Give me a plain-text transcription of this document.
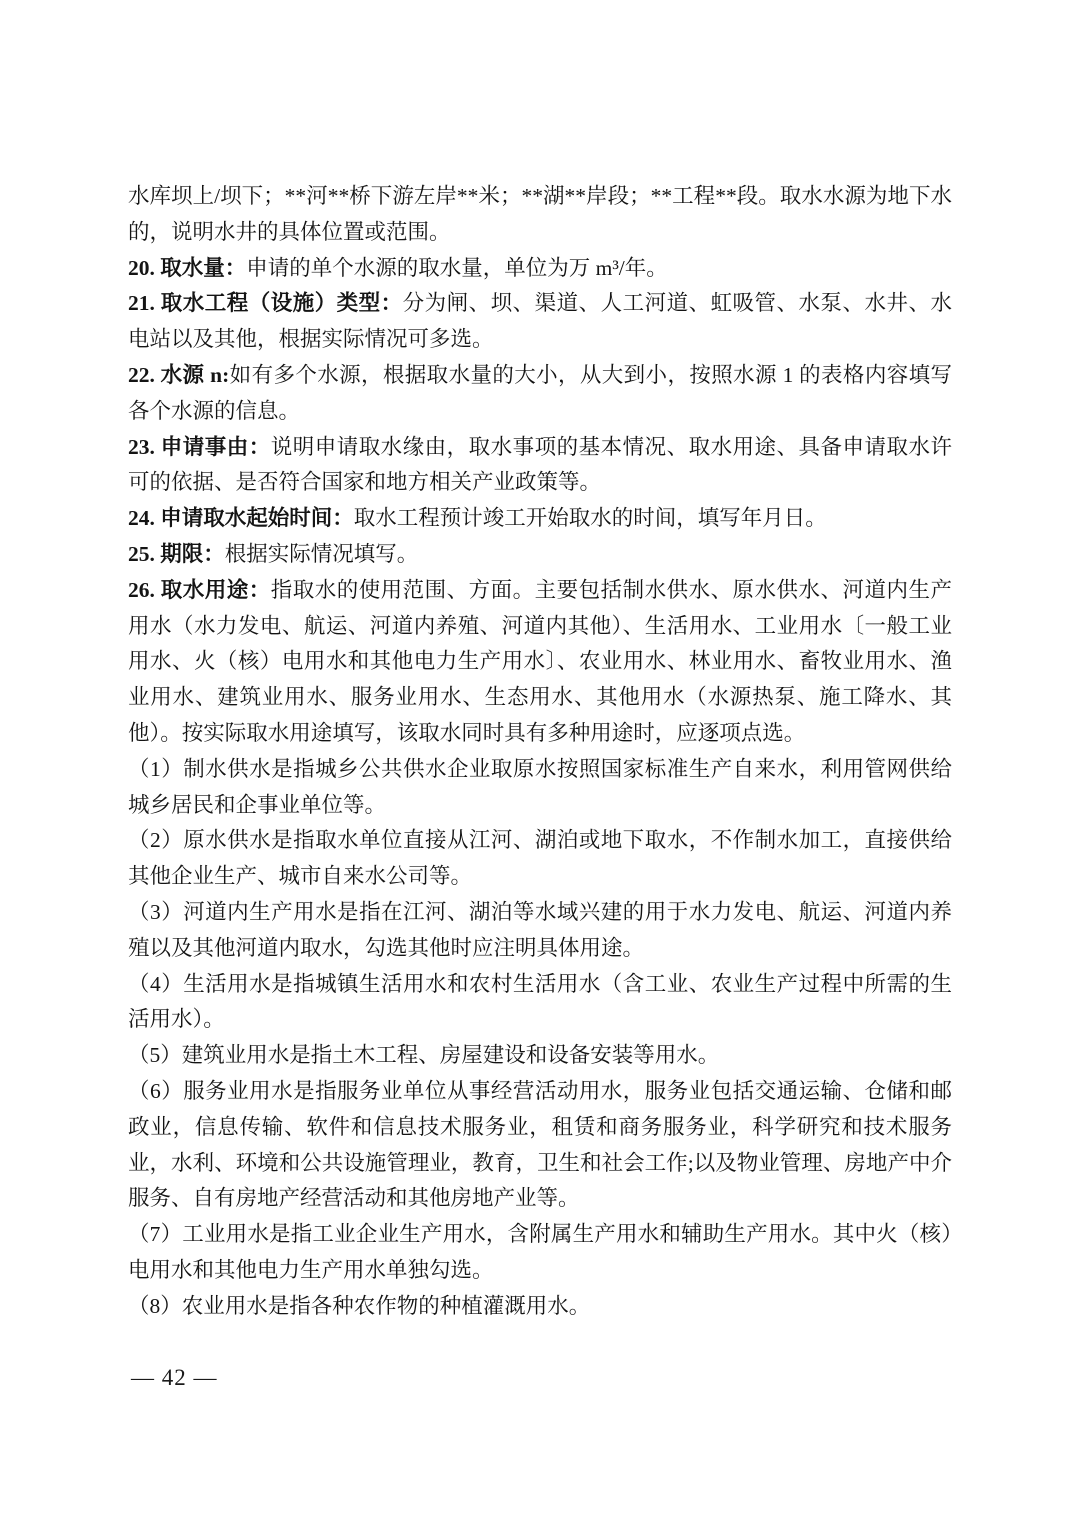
水库坝上/坝下；**河**桥下游左岸**米；**湖**岸段；**工程**段。取水水源为地下水的，说明水井的具体位置或范围。

20. 取水量：申请的单个水源的取水量，单位为万 m³/年。

21. 取水工程（设施）类型：分为闸、坝、渠道、人工河道、虹吸管、水泵、水井、水电站以及其他，根据实际情况可多选。

22. 水源 n:如有多个水源，根据取水量的大小，从大到小，按照水源 1 的表格内容填写各个水源的信息。

23. 申请事由：说明申请取水缘由，取水事项的基本情况、取水用途、具备申请取水许可的依据、是否符合国家和地方相关产业政策等。

24. 申请取水起始时间：取水工程预计竣工开始取水的时间，填写年月日。

25. 期限：根据实际情况填写。

26. 取水用途：指取水的使用范围、方面。主要包括制水供水、原水供水、河道内生产用水（水力发电、航运、河道内养殖、河道内其他）、生活用水、工业用水〔一般工业用水、火（核）电用水和其他电力生产用水〕、农业用水、林业用水、畜牧业用水、渔业用水、建筑业用水、服务业用水、生态用水、其他用水（水源热泵、施工降水、其他）。按实际取水用途填写，该取水同时具有多种用途时，应逐项点选。

（1）制水供水是指城乡公共供水企业取原水按照国家标准生产自来水，利用管网供给城乡居民和企事业单位等。

（2）原水供水是指取水单位直接从江河、湖泊或地下取水，不作制水加工，直接供给其他企业生产、城市自来水公司等。

（3）河道内生产用水是指在江河、湖泊等水域兴建的用于水力发电、航运、河道内养殖以及其他河道内取水，勾选其他时应注明具体用途。

（4）生活用水是指城镇生活用水和农村生活用水（含工业、农业生产过程中所需的生活用水）。

（5）建筑业用水是指土木工程、房屋建设和设备安装等用水。

（6）服务业用水是指服务业单位从事经营活动用水，服务业包括交通运输、仓储和邮政业，信息传输、软件和信息技术服务业，租赁和商务服务业，科学研究和技术服务业，水利、环境和公共设施管理业，教育，卫生和社会工作;以及物业管理、房地产中介服务、自有房地产经营活动和其他房地产业等。

（7）工业用水是指工业企业生产用水，含附属生产用水和辅助生产用水。其中火（核）电用水和其他电力生产用水单独勾选。

（8）农业用水是指各种农作物的种植灌溉用水。

— 42 —
